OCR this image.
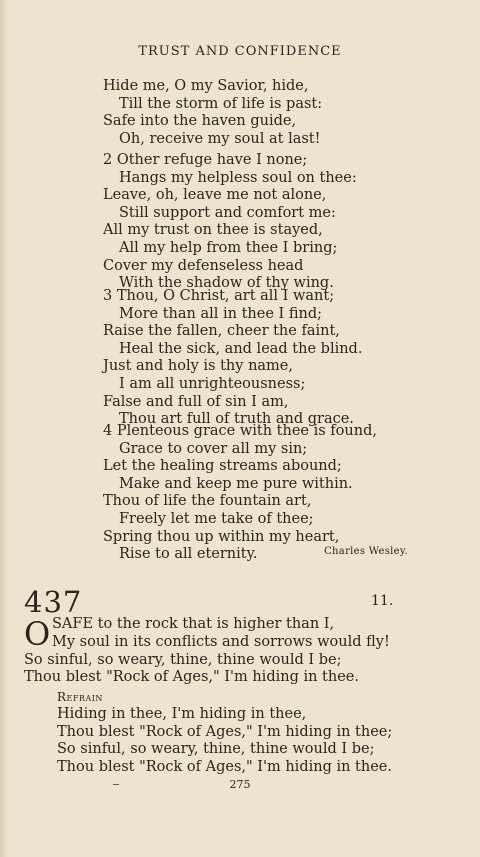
TRUST AND CONFIDENCE
Hide me, O my Savior, hide,
Till the storm of life is past:
Safe into the haven guide,
Oh, receive my soul at last!
2 Other refuge have I none;
Hangs my helpless soul on thee:
Leave, oh, leave me not alone,
Still support and comfort me:
All my trust on thee is stayed,
All my help from thee I bring;
Cover my defenseless head
With the shadow of thy wing.
3 Thou, O Christ, art all I want;
More than all in thee I find;
Raise the fallen, cheer the faint,
Heal the sick, and lead the blind.
Just and holy is thy name,
I am all unrighteousness;
False and full of sin I am,
Thou art full of truth and grace.
4 Plenteous grace with thee is found,
Grace to cover all my sin;
Let the healing streams abound;
Make and keep me pure within.
Thou of life the fountain art,
Freely let me take of thee;
Spring thou up within my heart,
Rise to all eternity.	Charles Wesley.
437	11.
O SAFE to the rock that is higher than I,
My soul in its conflicts and sorrows would fly!
So sinful, so weary, thine, thine would I be;
Thou blest "Rock of Ages," I'm hiding in thee.
Refrain
Hiding in thee, I'm hiding in thee,
Thou blest "Rock of Ages," I'm hiding in thee;
So sinful, so weary, thine, thine would I be;
Thou blest "Rock of Ages," I'm hiding in thee.
275
